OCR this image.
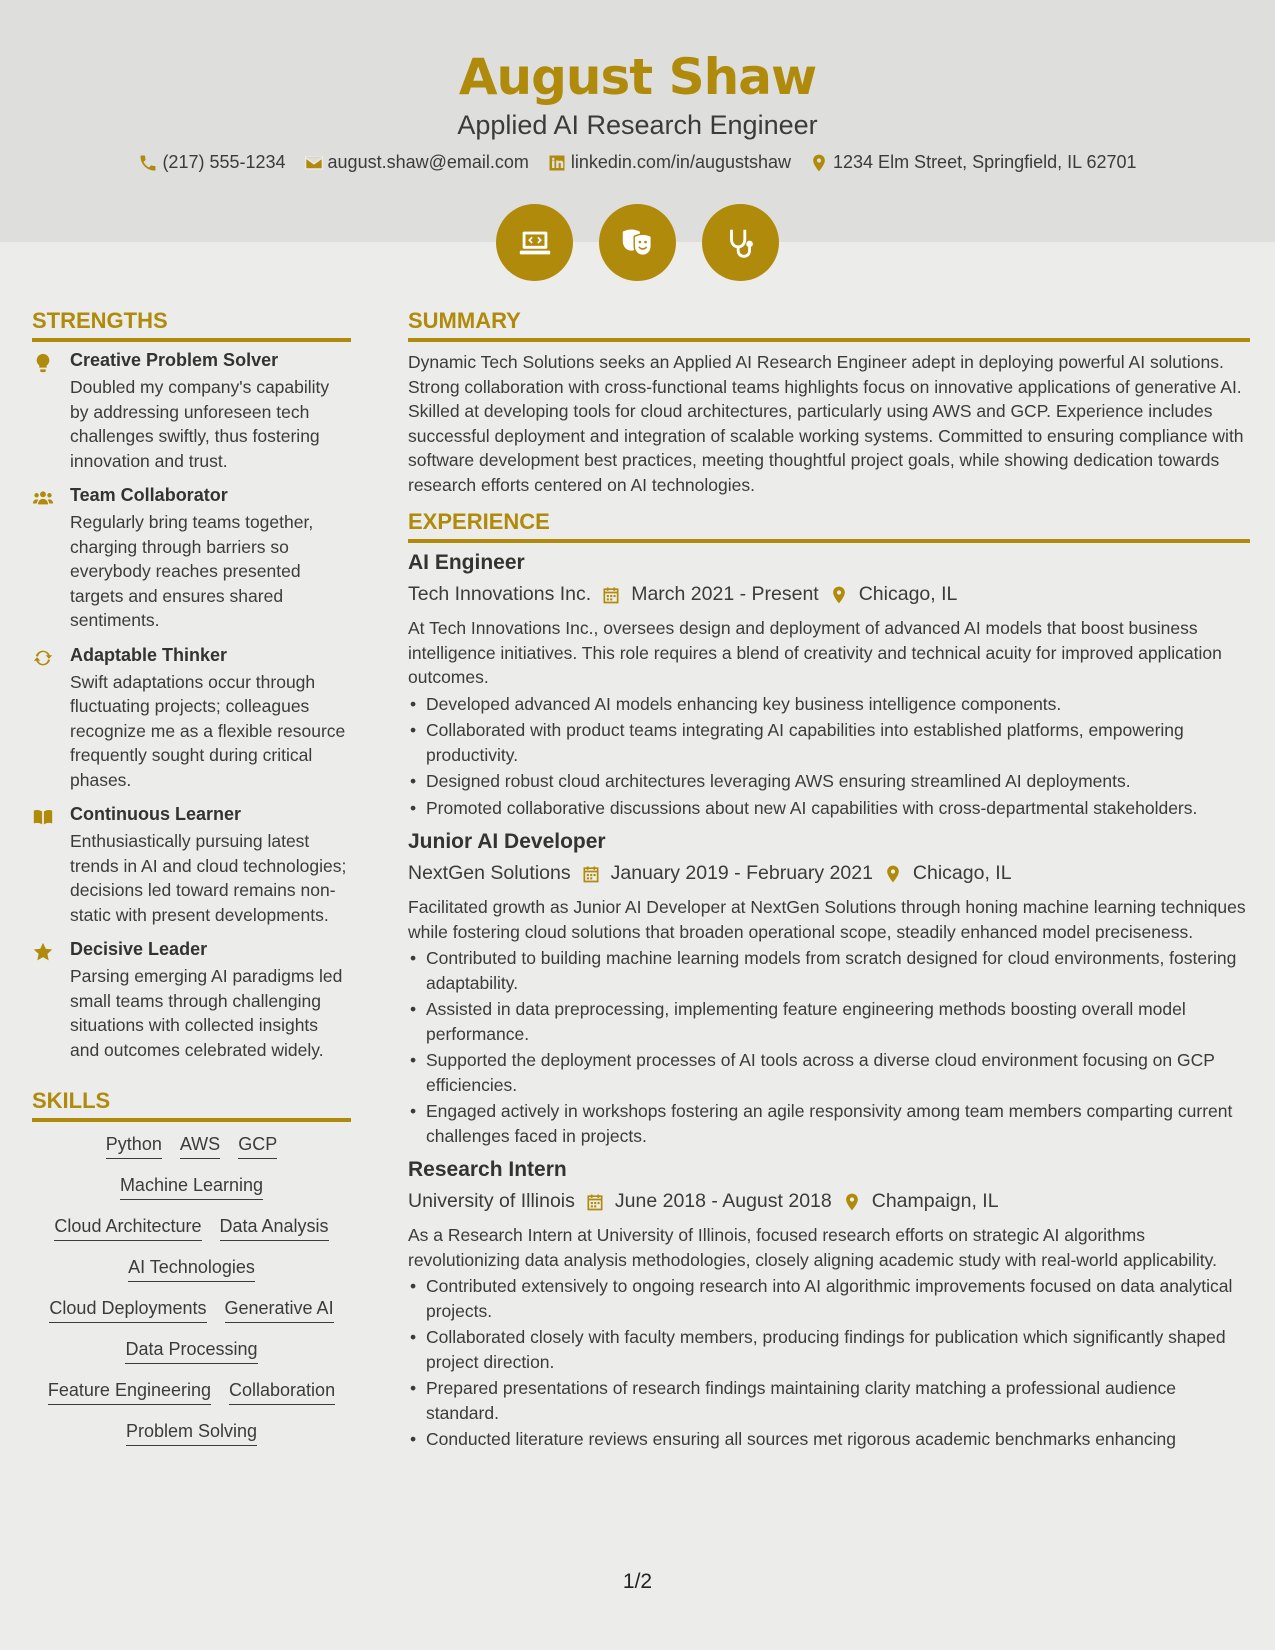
August Shaw
Applied AI Research Engineer
(217) 555-1234 august.shaw@email.com linkedin.com/in/augustshaw 1234 Elm Street, Springfield, IL 62701
STRENGTHS
Creative Problem Solver
Doubled my company's capability by addressing unforeseen tech challenges swiftly, thus fostering innovation and trust.
Team Collaborator
Regularly bring teams together, charging through barriers so everybody reaches presented targets and ensures shared sentiments.
Adaptable Thinker
Swift adaptations occur through fluctuating projects; colleagues recognize me as a flexible resource frequently sought during critical phases.
Continuous Learner
Enthusiastically pursuing latest trends in AI and cloud technologies; decisions led toward remains non-static with present developments.
Decisive Leader
Parsing emerging AI paradigms led small teams through challenging situations with collected insights and outcomes celebrated widely.
SKILLS
Python AWS GCP
Machine Learning
Cloud Architecture Data Analysis
AI Technologies
Cloud Deployments Generative AI
Data Processing
Feature Engineering Collaboration
Problem Solving
SUMMARY
Dynamic Tech Solutions seeks an Applied AI Research Engineer adept in deploying powerful AI solutions. Strong collaboration with cross-functional teams highlights focus on innovative applications of generative AI. Skilled at developing tools for cloud architectures, particularly using AWS and GCP. Experience includes successful deployment and integration of scalable working systems. Committed to ensuring compliance with software development best practices, meeting thoughtful project goals, while showing dedication towards research efforts centered on AI technologies.
EXPERIENCE
AI Engineer
Tech Innovations Inc. March 2021 - Present Chicago, IL
At Tech Innovations Inc., oversees design and deployment of advanced AI models that boost business intelligence initiatives. This role requires a blend of creativity and technical acuity for improved application outcomes.
• Developed advanced AI models enhancing key business intelligence components.
• Collaborated with product teams integrating AI capabilities into established platforms, empowering productivity.
• Designed robust cloud architectures leveraging AWS ensuring streamlined AI deployments.
• Promoted collaborative discussions about new AI capabilities with cross-departmental stakeholders.
Junior AI Developer
NextGen Solutions January 2019 - February 2021 Chicago, IL
Facilitated growth as Junior AI Developer at NextGen Solutions through honing machine learning techniques while fostering cloud solutions that broaden operational scope, steadily enhanced model preciseness.
• Contributed to building machine learning models from scratch designed for cloud environments, fostering adaptability.
• Assisted in data preprocessing, implementing feature engineering methods boosting overall model performance.
• Supported the deployment processes of AI tools across a diverse cloud environment focusing on GCP efficiencies.
• Engaged actively in workshops fostering an agile responsivity among team members comparting current challenges faced in projects.
Research Intern
University of Illinois June 2018 - August 2018 Champaign, IL
As a Research Intern at University of Illinois, focused research efforts on strategic AI algorithms revolutionizing data analysis methodologies, closely aligning academic study with real-world applicability.
• Contributed extensively to ongoing research into AI algorithmic improvements focused on data analytical projects.
• Collaborated closely with faculty members, producing findings for publication which significantly shaped project direction.
• Prepared presentations of research findings maintaining clarity matching a professional audience standard.
• Conducted literature reviews ensuring all sources met rigorous academic benchmarks enhancing
1/2
